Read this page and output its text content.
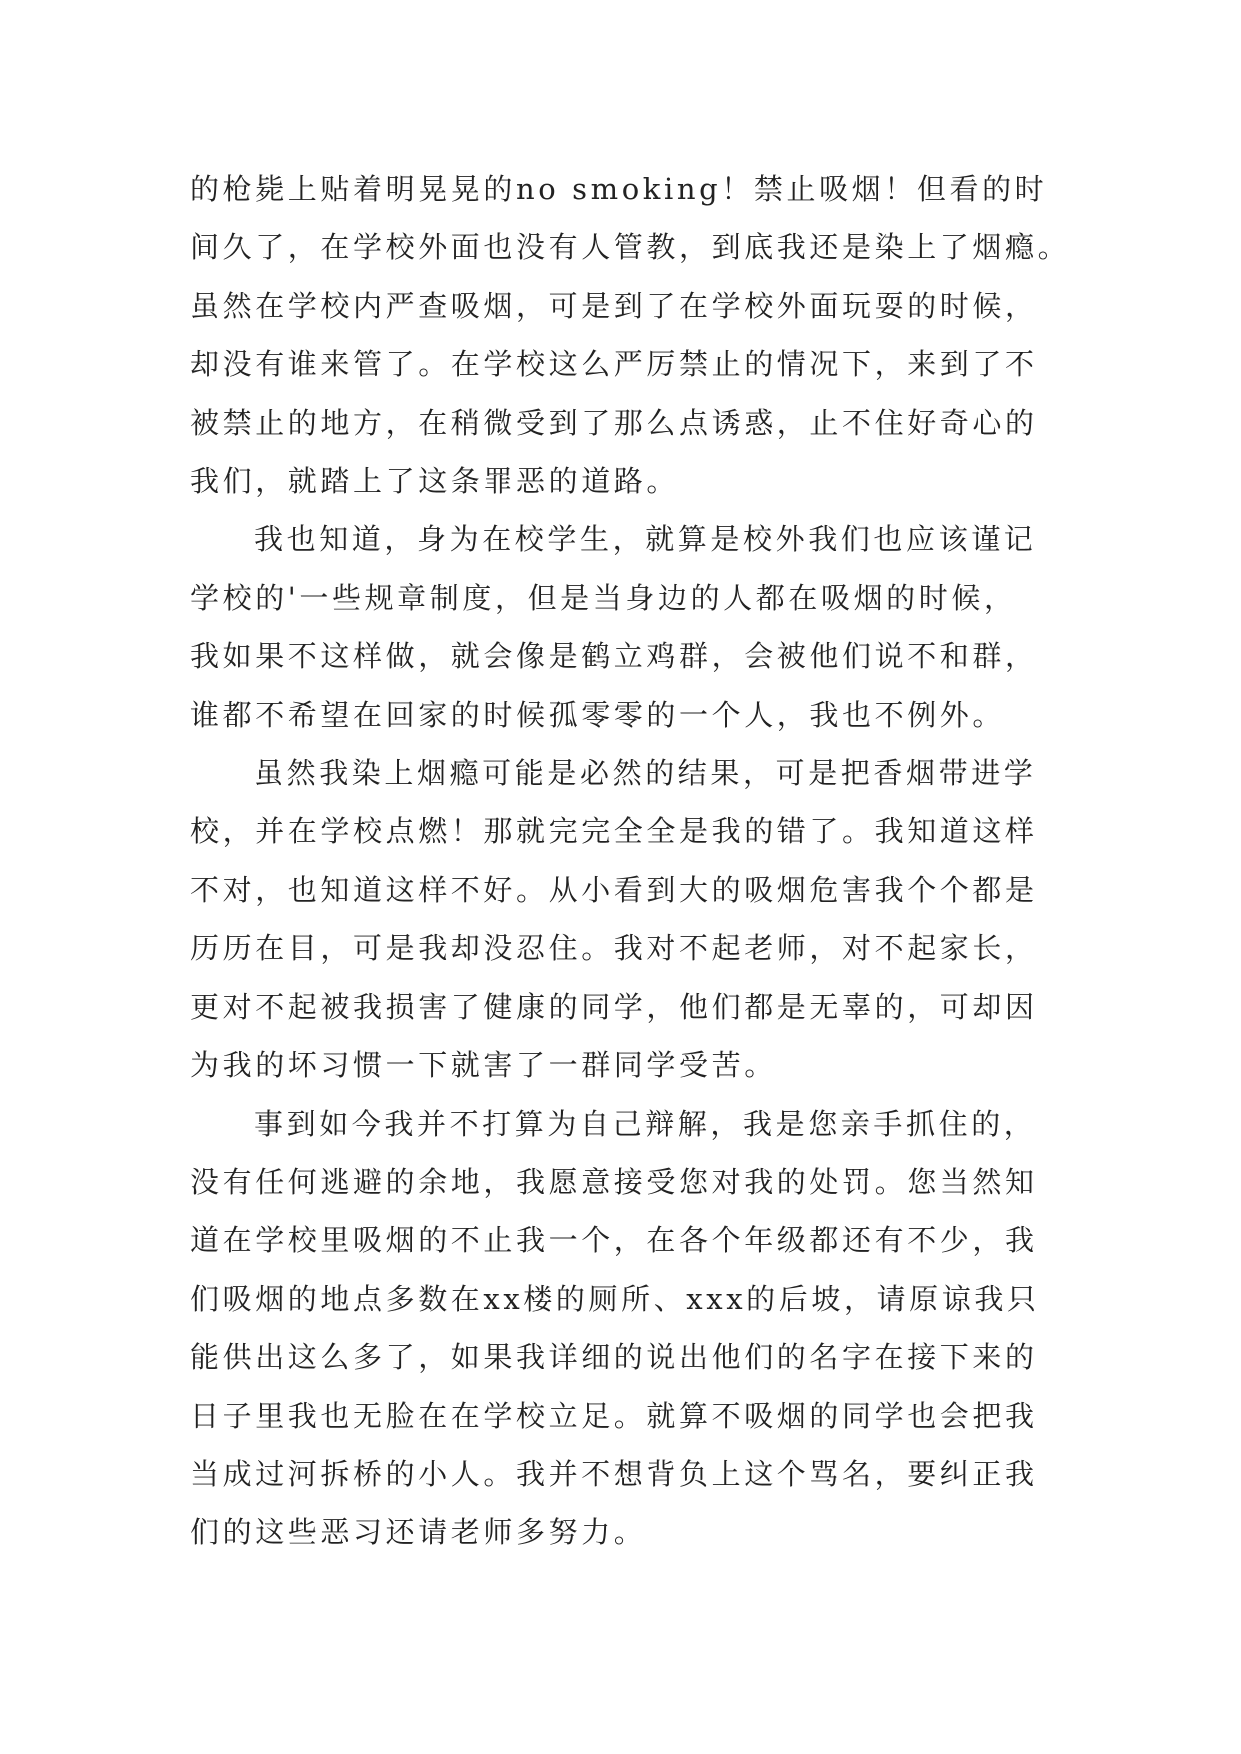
的枪毙上贴着明晃晃的no smoking！禁止吸烟！但看的时
间久了，在学校外面也没有人管教，到底我还是染上了烟瘾。
虽然在学校内严查吸烟，可是到了在学校外面玩耍的时候，
却没有谁来管了。在学校这么严厉禁止的情况下，来到了不
被禁止的地方，在稍微受到了那么点诱惑，止不住好奇心的
我们，就踏上了这条罪恶的道路。

我也知道，身为在校学生，就算是校外我们也应该谨记
学校的'一些规章制度，但是当身边的人都在吸烟的时候，
我如果不这样做，就会像是鹤立鸡群，会被他们说不和群，
谁都不希望在回家的时候孤零零的一个人，我也不例外。

虽然我染上烟瘾可能是必然的结果，可是把香烟带进学
校，并在学校点燃！那就完完全全是我的错了。我知道这样
不对，也知道这样不好。从小看到大的吸烟危害我个个都是
历历在目，可是我却没忍住。我对不起老师，对不起家长，
更对不起被我损害了健康的同学，他们都是无辜的，可却因
为我的坏习惯一下就害了一群同学受苦。

事到如今我并不打算为自己辩解，我是您亲手抓住的，
没有任何逃避的余地，我愿意接受您对我的处罚。您当然知
道在学校里吸烟的不止我一个，在各个年级都还有不少，我
们吸烟的地点多数在xx楼的厕所、xxx的后坡，请原谅我只
能供出这么多了，如果我详细的说出他们的名字在接下来的
日子里我也无脸在在学校立足。就算不吸烟的同学也会把我
当成过河拆桥的小人。我并不想背负上这个骂名，要纠正我
们的这些恶习还请老师多努力。
